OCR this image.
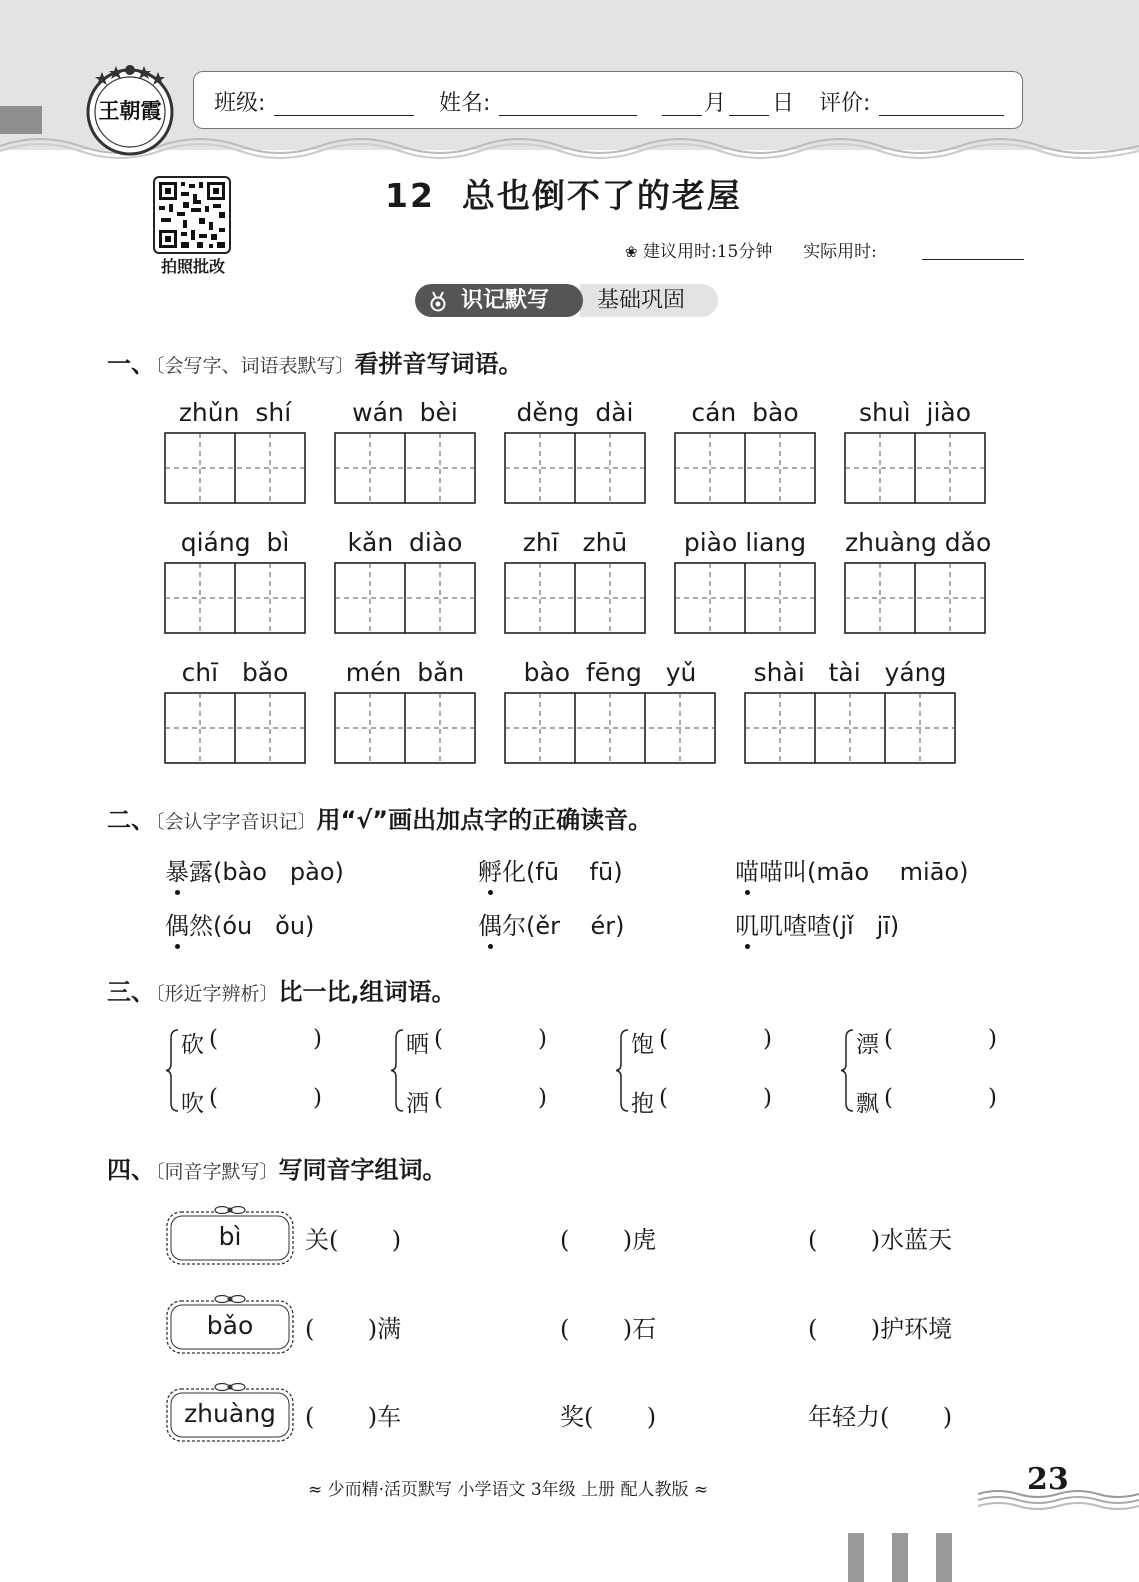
王朝霞 班级:	姓名:	月 日 评价:
拍照批改
12 总也倒不了的老屋
❀ 建议用时:15分钟 实际用时:
基础巩固
识记默写
一、〔会写字、词语表默写〕看拼音写词语。
zhǔn  shí	wán  bèi	děng  dài	cán  bào	shuì  jiào
qiáng  bì	kǎn  diào	zhī   zhū	piào liang	zhuàng dǎo
chī   bǎo	mén  bǎn	bào  fēng   yǔ	shài   tài   yáng
二、〔会认字字音识记〕用“√”画出加点字的正确读音。
暴露(bào   pào)	孵化(fū    fū)	喵喵叫(māo    miāo)
偶然(óu   ǒu)	偶尔(ěr    ér)	叽叽喳喳(jǐ   jī)
三、〔形近字辨析〕比一比,组词语。
砍 (	)
吹 (	)
晒 (	)
洒 (	)
饱 (	)
抱 (	)
漂 (	)
飘 (	)
四、〔同音字默写〕写同音字组词。
bì	关(       )	(       )虎	(       )水蓝天
bǎo	(       )满	(       )石	(       )护环境
zhuàng	(       )车	奖(       )	年轻力(       )
≈ 少而精·活页默写 小学语文 3年级 上册 配人教版 ≈	23
